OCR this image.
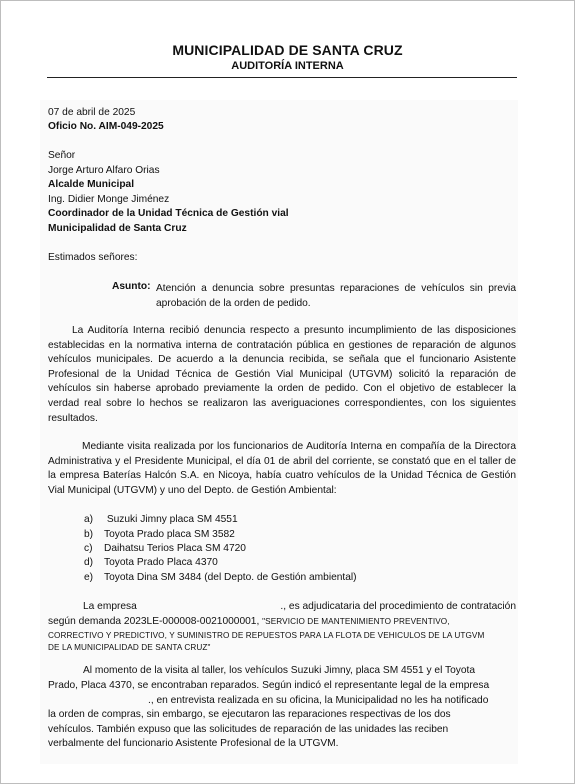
MUNICIPALIDAD DE SANTA CRUZ
AUDITORÍA INTERNA
07 de abril de 2025
Oficio No. AIM-049-2025
Señor
Jorge Arturo Alfaro Orias
Alcalde Municipal
Ing. Didier Monge Jiménez
Coordinador de la Unidad Técnica de Gestión vial
Municipalidad de Santa Cruz
Estimados señores:
Asunto: Atención a denuncia sobre presuntas reparaciones de vehículos sin previa aprobación de la orden de pedido.
La Auditoría Interna recibió denuncia respecto a presunto incumplimiento de las disposiciones establecidas en la normativa interna de contratación pública en gestiones de reparación de algunos vehículos municipales. De acuerdo a la denuncia recibida, se señala que el funcionario Asistente Profesional de la Unidad Técnica de Gestión Vial Municipal (UTGVM) solicitó la reparación de vehículos sin haberse aprobado previamente la orden de pedido. Con el objetivo de establecer la verdad real sobre lo hechos se realizaron las averiguaciones correspondientes, con los siguientes resultados.
Mediante visita realizada por los funcionarios de Auditoría Interna en compañía de la Directora Administrativa y el Presidente Municipal, el día 01 de abril del corriente, se constató que en el taller de la empresa Baterías Halcón S.A. en Nicoya, había cuatro vehículos de la Unidad Técnica de Gestión Vial Municipal (UTGVM) y uno del Depto. de Gestión Ambiental:
a) Suzuki Jimny placa SM 4551
b) Toyota Prado placa SM 3582
c) Daihatsu Terios Placa SM 4720
d) Toyota Prado Placa 4370
e) Toyota Dina SM 3484 (del Depto. de Gestión ambiental)
La empresa	., es adjudicataria del procedimiento de contratación
según demanda 2023LE-000008-0021000001, "SERVICIO DE MANTENIMIENTO PREVENTIVO,
CORRECTIVO Y PREDICTIVO, Y SUMINISTRO DE REPUESTOS PARA LA FLOTA DE VEHICULOS DE LA UTGVM
DE LA MUNICIPALIDAD DE SANTA CRUZ"
Al momento de la visita al taller, los vehículos Suzuki Jimny, placa SM 4551 y el Toyota
Prado, Placa 4370, se encontraban reparados. Según indicó el representante legal de la empresa
., en entrevista realizada en su oficina, la Municipalidad no les ha notificado
la orden de compras, sin embargo, se ejecutaron las reparaciones respectivas de los dos
vehículos. También expuso que las solicitudes de reparación de las unidades las reciben
verbalmente del funcionario Asistente Profesional de la UTGVM.
